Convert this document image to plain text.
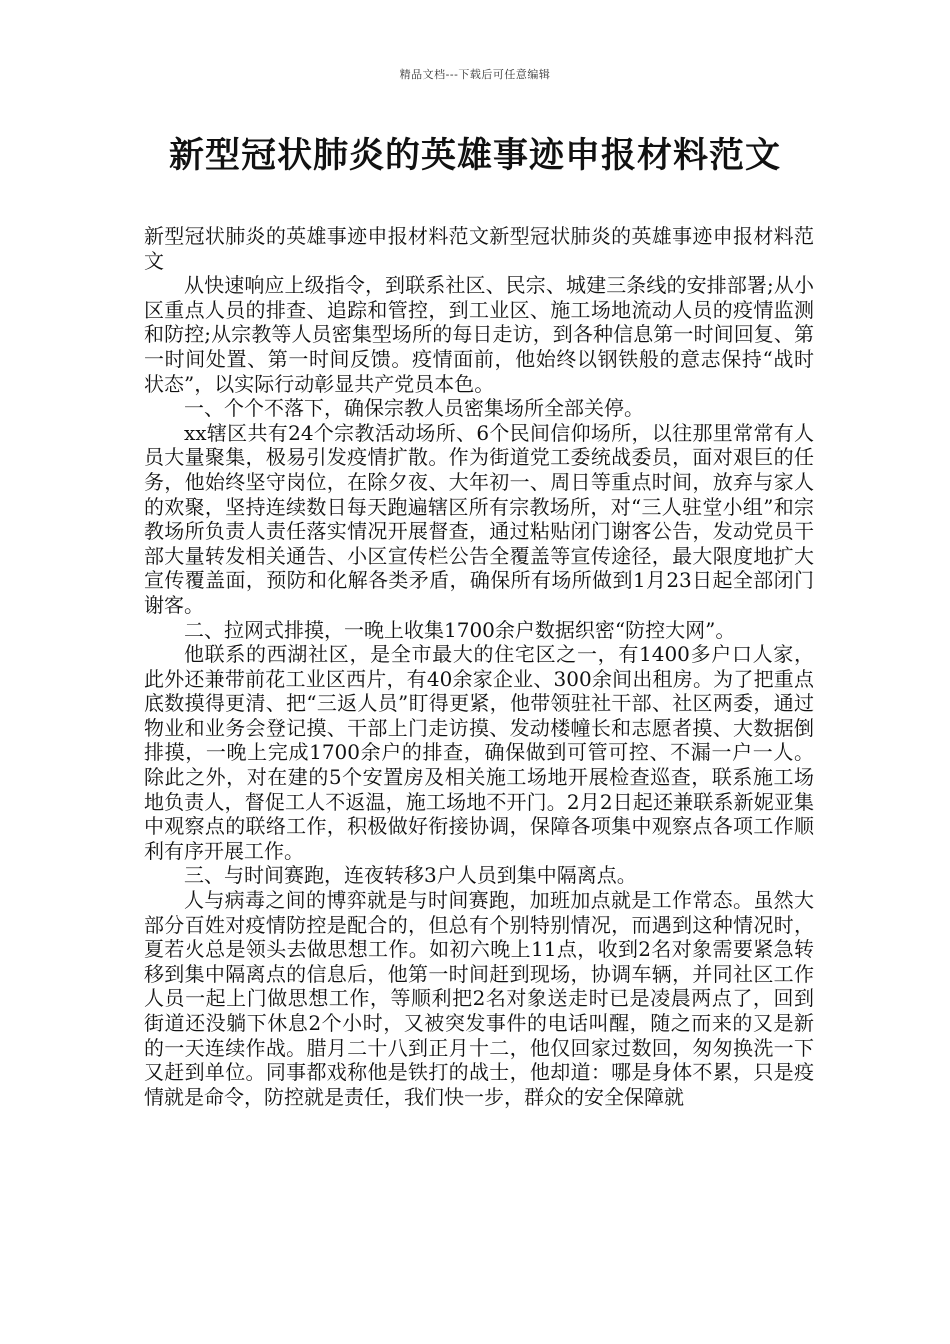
精品文档---下载后可任意编辑
新型冠状肺炎的英雄事迹申报材料范文

新型冠状肺炎的英雄事迹申报材料范文新型冠状肺炎的英雄事迹申报材料范文

从快速响应上级指令，到联系社区、民宗、城建三条线的安排部署;从小区重点人员的排查、追踪和管控，到工业区、施工场地流动人员的疫情监测和防控;从宗教等人员密集型场所的每日走访，到各种信息第一时间回复、第一时间处置、第一时间反馈。疫情面前，他始终以钢铁般的意志保持“战时状态”，以实际行动彰显共产党员本色。

一、个个不落下，确保宗教人员密集场所全部关停。

xx辖区共有24个宗教活动场所、6个民间信仰场所，以往那里常常有人员大量聚集，极易引发疫情扩散。作为街道党工委统战委员，面对艰巨的任务，他始终坚守岗位，在除夕夜、大年初一、周日等重点时间，放弃与家人的欢聚，坚持连续数日每天跑遍辖区所有宗教场所，对“三人驻堂小组”和宗教场所负责人责任落实情况开展督查，通过粘贴闭门谢客公告，发动党员干部大量转发相关通告、小区宣传栏公告全覆盖等宣传途径，最大限度地扩大宣传覆盖面，预防和化解各类矛盾，确保所有场所做到1月23日起全部闭门谢客。

二、拉网式排摸，一晚上收集1700余户数据织密“防控大网”。

他联系的西湖社区，是全市最大的住宅区之一，有1400多户口人家，此外还兼带前花工业区西片，有40余家企业、300余间出租房。为了把重点底数摸得更清、把“三返人员”盯得更紧，他带领驻社干部、社区两委，通过物业和业务会登记摸、干部上门走访摸、发动楼幢长和志愿者摸、大数据倒排摸，一晚上完成1700余户的排查，确保做到可管可控、不漏一户一人。除此之外，对在建的5个安置房及相关施工场地开展检查巡查，联系施工场地负责人，督促工人不返温，施工场地不开门。2月2日起还兼联系新妮亚集中观察点的联络工作，积极做好衔接协调，保障各项集中观察点各项工作顺利有序开展工作。

三、与时间赛跑，连夜转移3户人员到集中隔离点。

人与病毒之间的博弈就是与时间赛跑，加班加点就是工作常态。虽然大部分百姓对疫情防控是配合的，但总有个别特别情况，而遇到这种情况时，夏若火总是领头去做思想工作。如初六晚上11点，收到2名对象需要紧急转移到集中隔离点的信息后，他第一时间赶到现场，协调车辆，并同社区工作人员一起上门做思想工作，等顺利把2名对象送走时已是凌晨两点了，回到街道还没躺下休息2个小时，又被突发事件的电话叫醒，随之而来的又是新的一天连续作战。腊月二十八到正月十二，他仅回家过数回，匆匆换洗一下又赶到单位。同事都戏称他是铁打的战士，他却道：哪是身体不累，只是疫情就是命令，防控就是责任，我们快一步，群众的安全保障就
